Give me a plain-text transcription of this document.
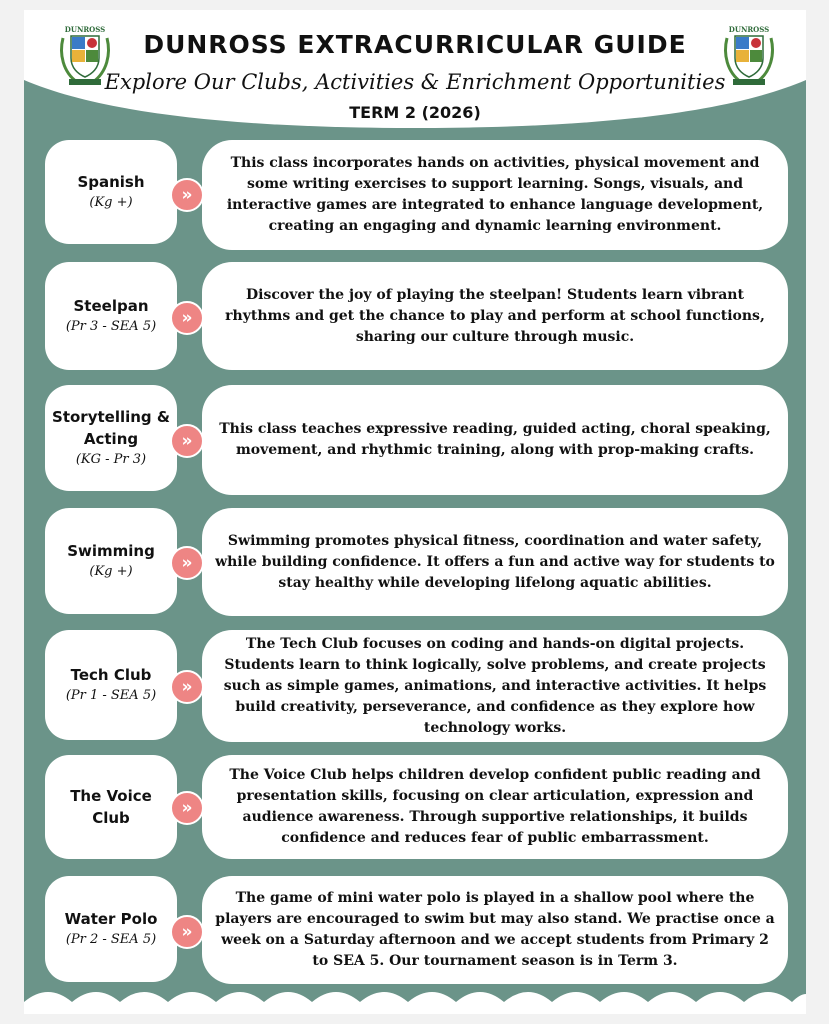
DUNROSS	DUNROSS
DUNROSS EXTRACURRICULAR GUIDE
Explore Our Clubs, Activities & Enrichment Opportunities
TERM 2 (2026)
Spanish
(Kg +)
This class incorporates hands on activities, physical movement and some writing exercises to support learning. Songs, visuals, and interactive games are integrated to enhance language development, creating an engaging and dynamic learning environment.
»
Steelpan
(Pr 3 - SEA 5)
Discover the joy of playing the steelpan! Students learn vibrant rhythms and get the chance to play and perform at school functions, sharing our culture through music.
»
Storytelling & Acting
(KG - Pr 3)
This class teaches expressive reading, guided acting, choral speaking, movement, and rhythmic training, along with prop-making crafts.
»
Swimming
(Kg +)
Swimming promotes physical fitness, coordination and water safety, while building confidence. It offers a fun and active way for students to stay healthy while developing lifelong aquatic abilities.
»
Tech Club
(Pr 1 - SEA 5)
The Tech Club focuses on coding and hands-on digital projects. Students learn to think logically, solve problems, and create projects such as simple games, animations, and interactive activities. It helps build creativity, perseverance, and confidence as they explore how technology works.
»
The Voice Club
The Voice Club helps children develop confident public reading and presentation skills, focusing on clear articulation, expression and audience awareness. Through supportive relationships, it builds confidence and reduces fear of public embarrassment.
»
Water Polo
(Pr 2 - SEA 5)
The game of mini water polo is played in a shallow pool where the players are encouraged to swim but may also stand. We practise once a week on a Saturday afternoon and we accept students from Primary 2 to SEA 5. Our tournament season is in Term 3.
»
